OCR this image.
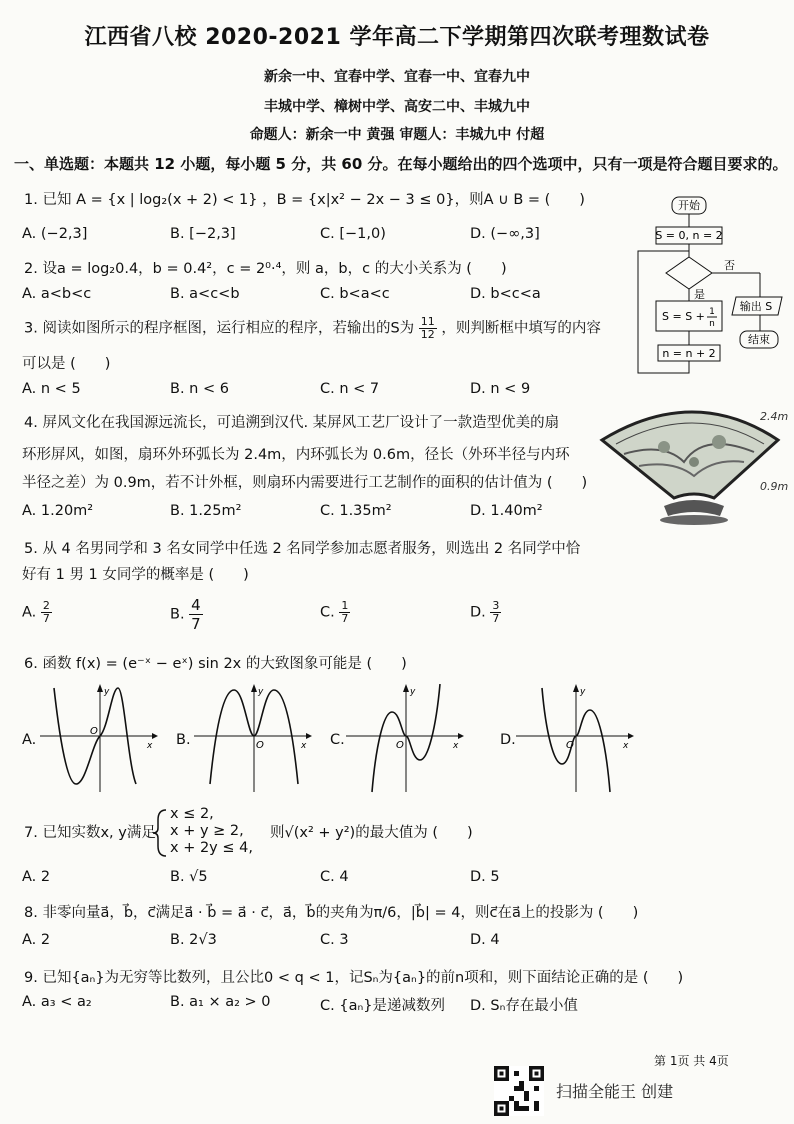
江西省八校 2020-2021 学年高二下学期第四次联考理数试卷
新余一中、宜春中学、宜春一中、宜春九中
丰城中学、樟树中学、高安二中、丰城九中
命题人：新余一中 黄强 审题人：丰城九中 付超
一、单选题：本题共 12 小题，每小题 5 分，共 60 分。在每小题给出的四个选项中，只有一项是符合题目要求的。
1. 已知 A = {x | log₂(x + 2) < 1} ，B = {x|x² − 2x − 3 ≤ 0}，则A ∪ B = (　　)
A. (−2,3]	B. [−2,3]	C. [−1,0)	D. (−∞,3]
2. 设a = log₂0.4，b = 0.4²，c = 2⁰·⁴，则 a，b，c 的大小关系为 (　　)
A. a<b<c	B. a<c<b	C. b<a<c	D. b<c<a
3. 阅读如图所示的程序框图，运行相应的程序，若输出的S为 $\frac{11}{12}$ ，则判断框中填写的内容
可以是 (　　)
A. n < 5	B. n < 6	C. n < 7	D. n < 9
开始
S = 0, n = 2
否
输出 S
结束
是
S = S + 1
n
n = n + 2
4. 屏风文化在我国源远流长，可追溯到汉代. 某屏风工艺厂设计了一款造型优美的扇
环形屏风，如图，扇环外环弧长为 2.4m，内环弧长为 0.6m，径长（外环半径与内环
半径之差）为 0.9m，若不计外框，则扇环内需要进行工艺制作的面积的估计值为 (　　)
A. 1.20m²	B. 1.25m²	C. 1.35m²	D. 1.40m²
2.4m
0.9m
5. 从 4 名男同学和 3 名女同学中任选 2 名同学参加志愿者服务，则选出 2 名同学中恰
好有 1 男 1 女同学的概率是 (　　)
A. $\frac{2}{7}$	B. $\frac{4}{7}$	C. $\frac{1}{7}$	D. $\frac{3}{7}$
6. 函数 f(x) = (e⁻ˣ − eˣ) sin 2x 的大致图象可能是 (　　)
A.	x
y
O
B.	x
y
O	C.	x
y
O	D.	x
y
O
7. 已知实数x, y满足
x ≤ 2,
x + y ≥ 2,
x + 2y ≤ 4,
则√(x² + y²)的最大值为 (　　)
A. 2	B. √5	C. 4	D. 5
8. 非零向量a⃗，b⃗，c⃗满足a⃗ · b⃗ = a⃗ · c⃗，a⃗，b⃗的夹角为π/6，|b⃗| = 4，则c⃗在a⃗上的投影为 (　　)
A. 2	B. 2√3	C. 3	D. 4
9. 已知{aₙ}为无穷等比数列，且公比0 < q < 1，记Sₙ为{aₙ}的前n项和，则下面结论正确的是 (　　)
A. a₃ < a₂	B. a₁ × a₂ > 0	C. {aₙ}是递减数列 D. Sₙ存在最小值
第 1页 共 4页
扫描全能王 创建
